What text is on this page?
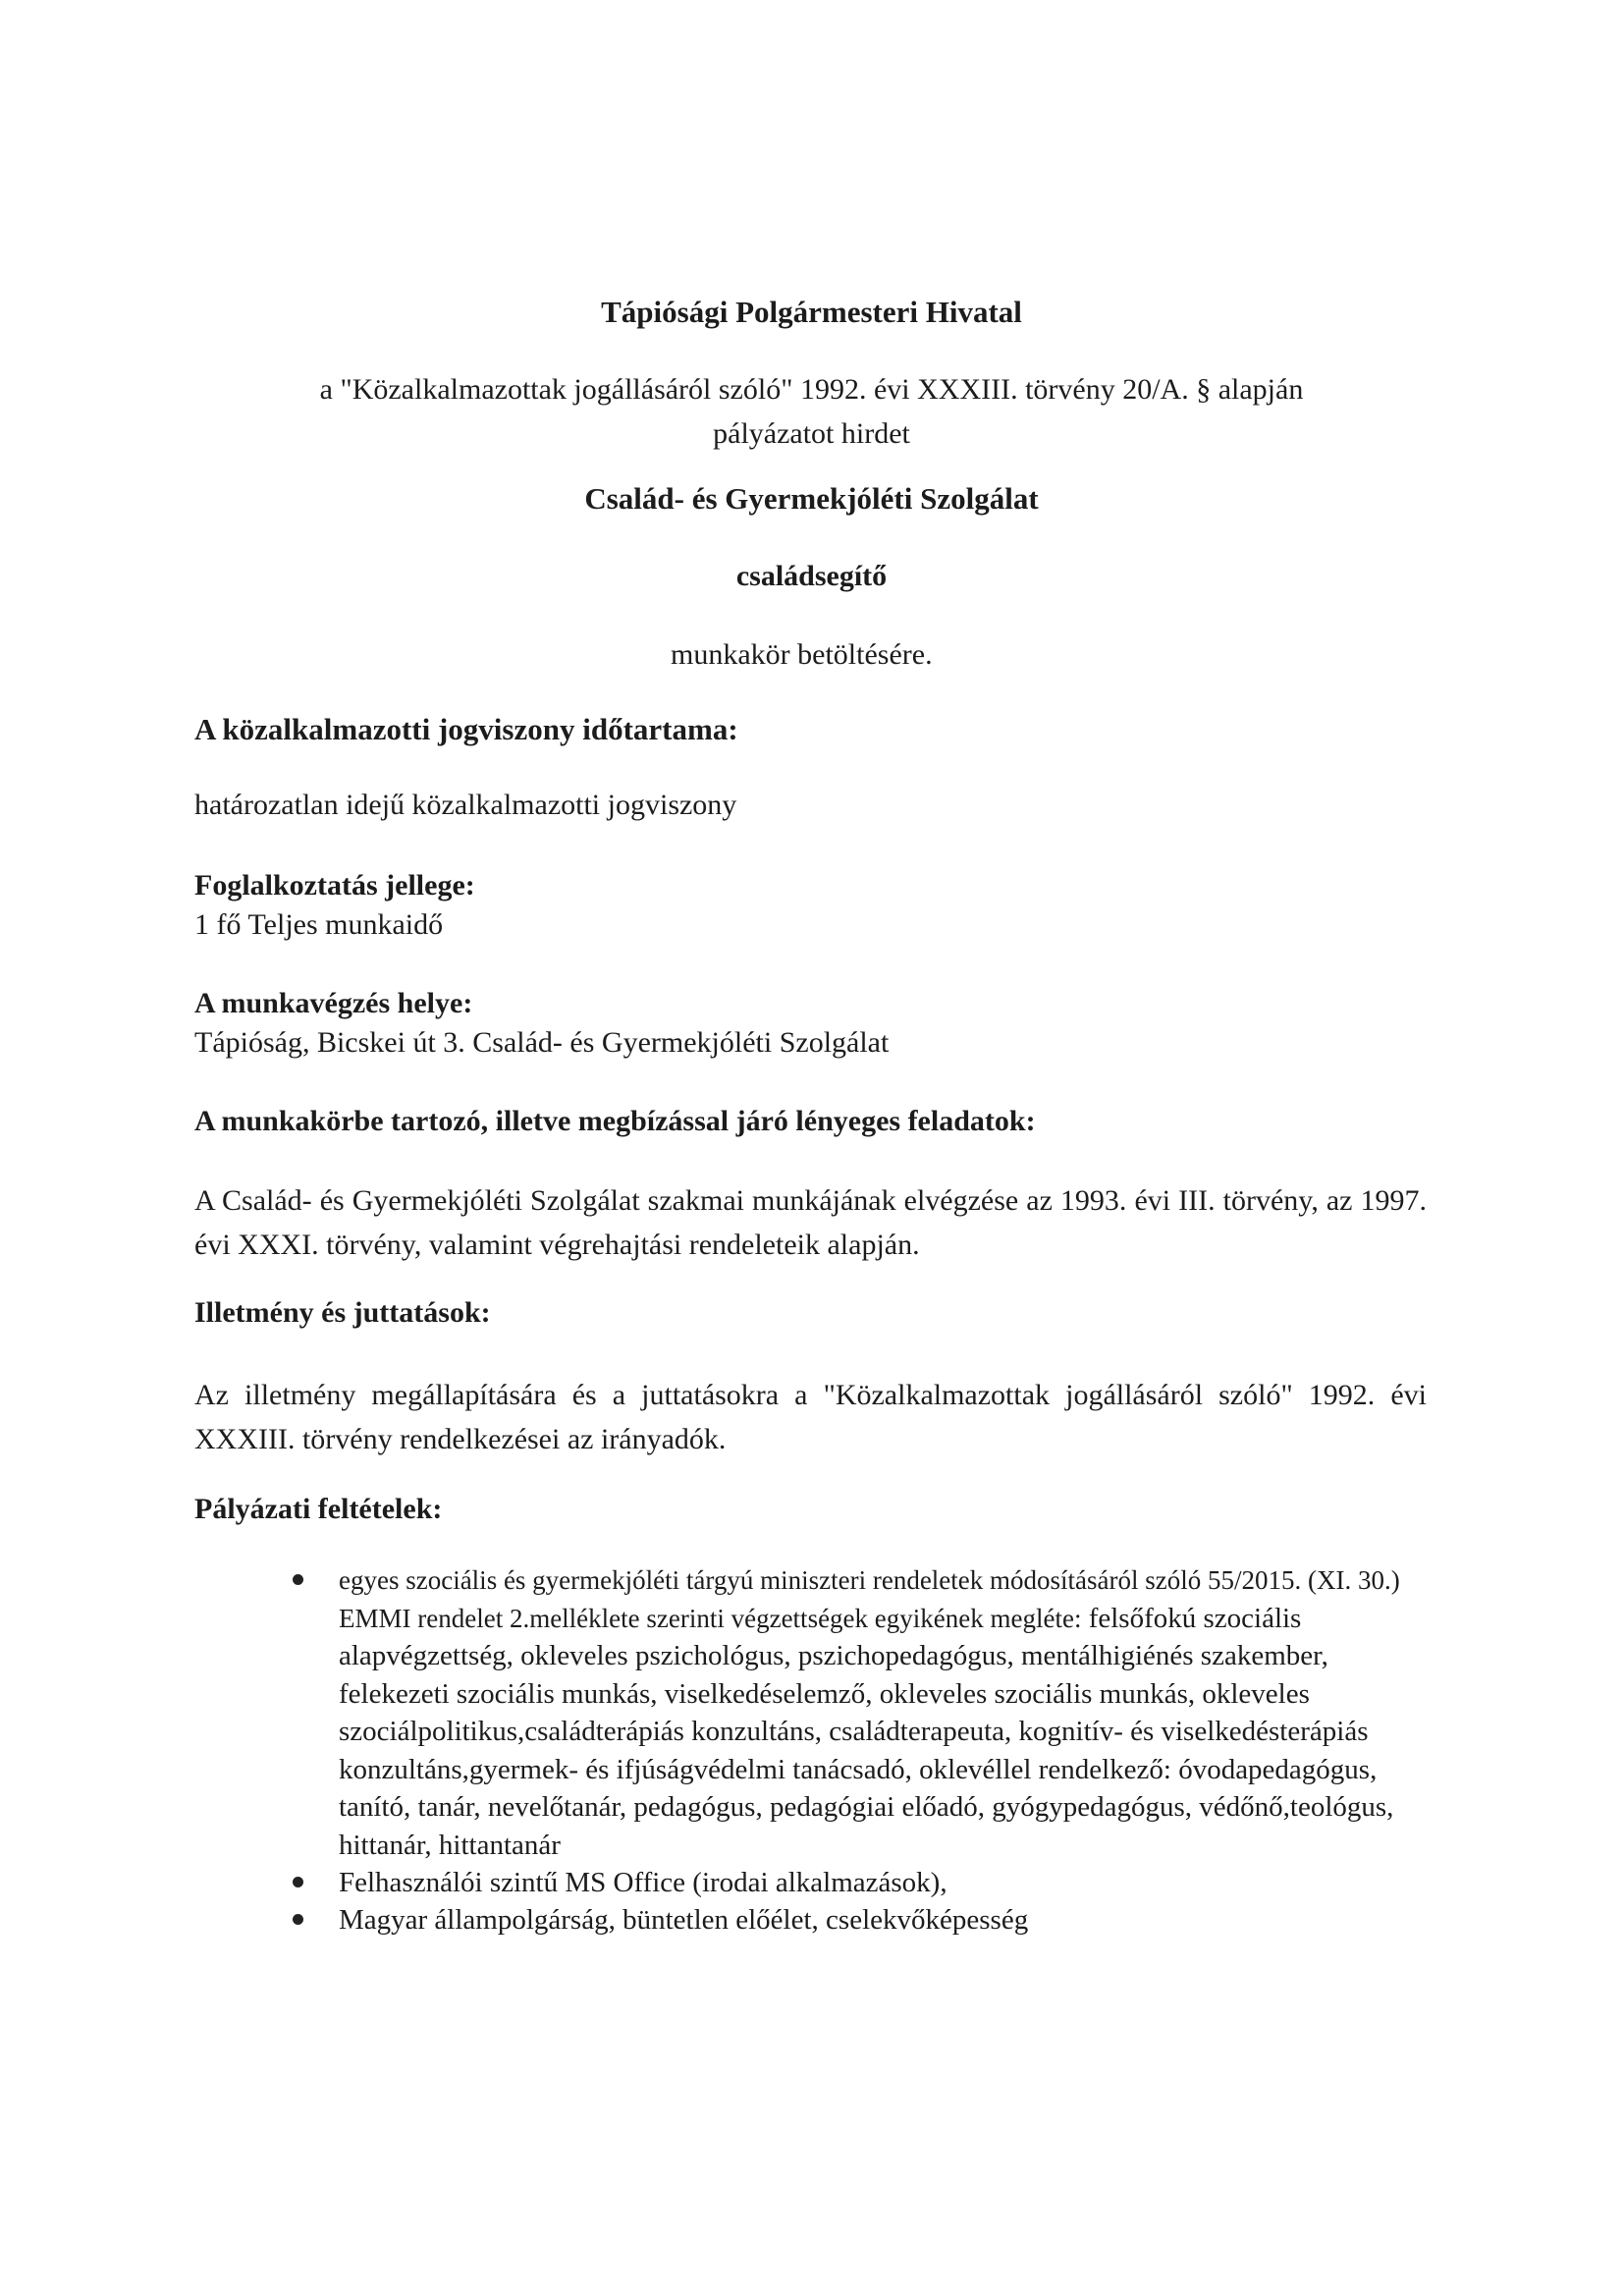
Tápiósági Polgármesteri Hivatal
a "Közalkalmazottak jogállásáról szóló" 1992. évi XXXIII. törvény 20/A. § alapján
pályázatot hirdet
Család- és Gyermekjóléti Szolgálat
családsegítő
munkakör betöltésére.
A közalkalmazotti jogviszony időtartama:
határozatlan idejű közalkalmazotti jogviszony
Foglalkoztatás jellege:
1 fő Teljes munkaidő
A munkavégzés helye:
Tápióság, Bicskei út 3. Család- és Gyermekjóléti Szolgálat
A munkakörbe tartozó, illetve megbízással járó lényeges feladatok:
A Család- és Gyermekjóléti Szolgálat szakmai munkájának elvégzése az 1993. évi III. törvény, az 1997. évi XXXI. törvény, valamint végrehajtási rendeleteik alapján.
Illetmény és juttatások:
Az illetmény megállapítására és a juttatásokra a "Közalkalmazottak jogállásáról szóló" 1992. évi XXXIII. törvény rendelkezései az irányadók.
Pályázati feltételek:
egyes szociális és gyermekjóléti tárgyú miniszteri rendeletek módosításáról szóló 55/2015. (XI. 30.) EMMI rendelet 2.melléklete szerinti végzettségek egyikének megléte: felsőfokú szociális alapvégzettség, okleveles pszichológus, pszichopedagógus, mentálhigiénés szakember, felekezeti szociális munkás, viselkedéselemző, okleveles szociális munkás, okleveles szociálpolitikus,családterápiás konzultáns, családterapeuta, kognitív- és viselkedésterápiás konzultáns,gyermek- és ifjúságvédelmi tanácsadó, oklevéllel rendelkező: óvodapedagógus, tanító, tanár, nevelőtanár, pedagógus, pedagógiai előadó, gyógypedagógus, védőnő,teológus, hittanár, hittantanár
Felhasználói szintű MS Office (irodai alkalmazások),
Magyar állampolgárság, büntetlen előélet, cselekvőképesség
